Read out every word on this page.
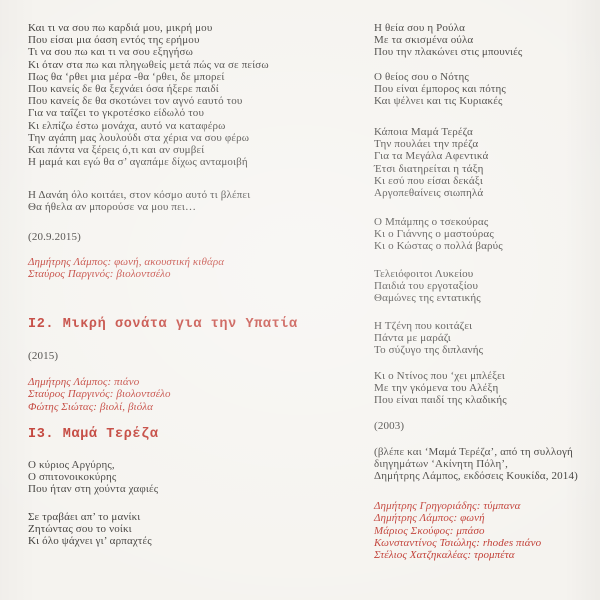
Και τι να σου πω καρδιά μου, μικρή μου
Που είσαι μια όαση εντός της ερήμου
Τι να σου πω και τι να σου εξηγήσω
Κι όταν στα πω και πληγωθείς μετά πώς να σε πείσω
Πως θα ‘ρθει μια μέρα -θα ‘ρθει, δε μπορεί
Που κανείς δε θα ξεχνάει όσα ήξερε παιδί
Που κανείς δε θα σκοτώνει τον αγνό εαυτό του
Για να ταΐζει το γκροτέσκο είδωλό του
Κι ελπίζω έστω μονάχα, αυτό να καταφέρω
Την αγάπη μας λουλούδι στα χέρια να σου φέρω
Και πάντα να ξέρεις ό,τι και αν συμβεί
Η μαμά και εγώ θα σ’ αγαπάμε δίχως ανταμοιβή
Η Δανάη όλο κοιτάει, στον κόσμο αυτό τι βλέπει
Θα ήθελα αν μπορούσε να μου πει…
(20.9.2015)
Δημήτρης Λάμπος: φωνή, ακουστική κιθάρα
Σταύρος Παργινός: βιολοντσέλο
Ι2. Μικρή σονάτα για την Υπατία
(2015)
Δημήτρης Λάμπος: πιάνο
Σταύρος Παργινός: βιολοντσέλο
Φώτης Σιώτας: βιολί, βιόλα
Ι3. Μαμά Τερέζα
Ο κύριος Αργύρης,
Ο σπιτονοικοκύρης
Που ήταν στη χούντα χαφιές
Σε τραβάει απ’ το μανίκι
Ζητώντας σου το νοίκι
Κι όλο ψάχνει γι’ αρπαχτές
Η θεία σου η Ρούλα
Με τα σκισμένα ούλα
Που την πλακώνει στις μπουνιές
Ο θείος σου ο Νότης
Που είναι έμπορος και πότης
Και ψέλνει και τις Κυριακές
Κάποια Μαμά Τερέζα
Την πουλάει την πρέζα
Για τα Μεγάλα Αφεντικά
Έτσι διατηρείται η τάξη
Κι εσύ που είσαι δεκάξι
Αργοπεθαίνεις σιωπηλά
Ο Μπάμπης ο τσεκούρας
Κι ο Γιάννης ο μαστούρας
Κι ο Κώστας ο πολλά βαρύς
Τελειόφοιτοι Λυκείου
Παιδιά του εργοταξίου
Θαμώνες της εντατικής
Η Τζένη που κοιτάζει
Πάντα με μαράζι
Το σύζυγο της διπλανής
Κι ο Ντίνος που ‘χει μπλέξει
Με την γκόμενα του Αλέξη
Που είναι παιδί της κλαδικής
(2003)
(βλέπε και ‘Μαμά Τερέζα’, από τη συλλογή
διηγημάτων ‘Ακίνητη Πόλη’,
Δημήτρης Λάμπος, εκδόσεις Κουκίδα, 2014)
Δημήτρης Γρηγοριάδης: τύμπανα
Δημήτρης Λάμπος: φωνή
Μάριος Σκούφος: μπάσο
Κωνσταντίνος Τσιώλης: rhodes πιάνο
Στέλιος Χατζηκαλέας: τρομπέτα
